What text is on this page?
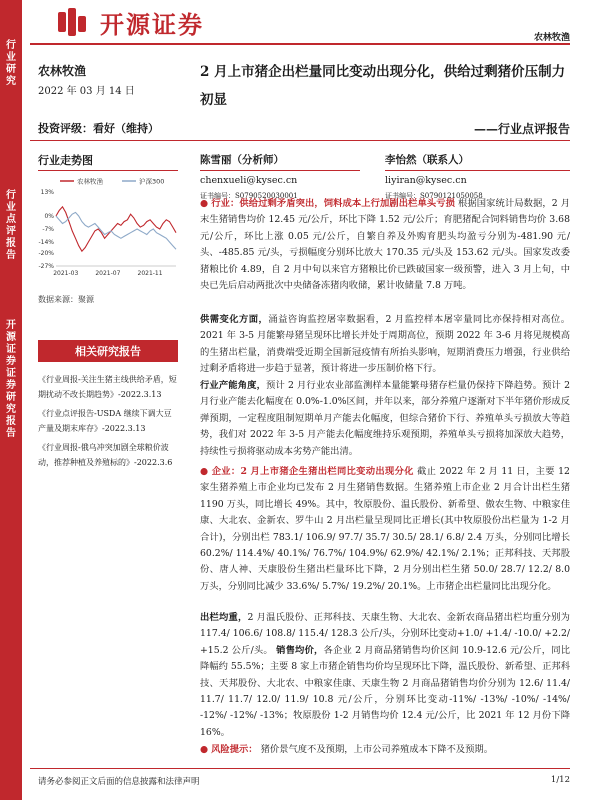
行业研究
行业点评报告
开源证券证券研究报告
开源证券	农林牧渔
农林牧渔
2022 年 03 月 14 日
2 月上市猪企出栏量同比变动出现分化，供给过剩猪价压制力初显
投资评级：看好（维持）	——行业点评报告
行业走势图
农林牧渔	沪深300
13%
0%
-7%
-14%
-20%
-27%
2021-03	2021-07	2021-11
数据来源：聚源
相关研究报告
《行业周报-关注生猪主线供给矛盾，短期扰动不改长期趋势》-2022.3.13
《行业点评报告-USDA 继续下调大豆产量及期末库存》-2022.3.13
《行业周报-俄乌冲突加剧全球粮价波动，推荐种植及养殖标的》-2022.3.6
陈雪丽（分析师）
chenxueli@kysec.cn
证书编号：S0790520030001
李怡然（联系人）
liyiran@kysec.cn
证书编号：S0790121050058
● 行业：供给过剩矛盾突出，饲料成本上行加剧出栏单头亏损 根据国家统计局数据，2 月末生猪销售均价 12.45 元/公斤，环比下降 1.52 元/公斤；育肥猪配合饲料销售均价 3.68 元/公斤，环比上涨 0.05 元/公斤，自繁自养及外购育肥头均盈亏分别为-481.90 元/头、-485.85 元/头，亏损幅度分别环比放大 170.35 元/头及 153.62 元/头。国家发改委猪粮比价 4.89，自 2 月中旬以来官方猪粮比价已跌破国家一级预警，进入 3 月上旬，中央已先后启动两批次中央储备冻猪肉收储，累计收储量 7.8 万吨。
供需变化方面，涌益咨询监控屠宰数据看，2 月监控样本屠宰量同比亦保持相对高位。2021 年 3-5 月能繁母猪呈现环比增长并处于周期高位，预期 2022 年 3-6 月将见规模高的生猪出栏量，消费端受近期全国新冠疫情有所抬头影响，短期消费压力增强，行业供给过剩矛盾将进一步趋于显著，预计将进一步压制价格下行。
行业产能角度，预计 2 月行业农业部监测样本量能繁母猪存栏量仍保持下降趋势。预计 2 月行业产能去化幅度在 0.0%-1.0%区间，并年以来，部分养殖户逐渐对下半年猪价形成反弹预期，一定程度阻制短期单月产能去化幅度，但综合猪价下行、养殖单头亏损放大等趋势，我们对 2022 年 3-5 月产能去化幅度维持乐观预期，养殖单头亏损将加深放大趋势，持续性亏损将驱动成本劣势产能出清。
● 企业：2 月上市猪企生猪出栏同比变动出现分化 截止 2022 年 2 月 11 日，主要 12 家生猪养殖上市企业均已发布 2 月生猪销售数据。生猪养殖上市企业 2 月合计出栏生猪 1190 万头，同比增长 49%。其中，牧原股份、温氏股份、新希望、傲农生物、中粮家佳康、大北农、金新农、罗牛山 2 月出栏量呈现同比正增长(其中牧原股份出栏量为 1-2 月合计)，分别出栏 783.1/ 106.9/ 97.7/ 35.7/ 30.5/ 28.1/ 6.8/ 2.4 万头，分别同比增长 60.2%/ 114.4%/ 40.1%/ 76.7%/ 104.9%/ 62.9%/ 42.1%/ 2.1%；正邦科技、天邦股份、唐人神、天康股份生猪出栏量环比下降，2 月分别出栏生猪 50.0/ 28.7/ 12.2/ 8.0 万头，分别同比减少 33.6%/ 5.7%/ 19.2%/ 20.1%。上市猪企出栏量同比出现分化。
出栏均重，2 月温氏股份、正邦科技、天康生物、大北农、金新农商品猪出栏均重分别为 117.4/ 106.6/ 108.8/ 115.4/ 128.3 公斤/头，分别环比变动+1.0/ +1.4/ -10.0/ +2.2/ +15.2 公斤/头。 销售均价，各企业 2 月商品猪销售均价区间 10.9-12.6 元/公斤，同比降幅约 55.5%；主要 8 家上市猪企销售均价均呈现环比下降，温氏股份、新希望、正邦科技、天邦股份、大北农、中粮家佳康、天康生物 2 月商品猪销售均价分别为 12.6/ 11.4/ 11.7/ 11.7/ 12.0/ 11.9/ 10.8 元/公斤，分别环比变动-11%/ -13%/ -10%/ -14%/ -12%/ -12%/ -13%；牧原股份 1-2 月销售均价 12.4 元/公斤，比 2021 年 12 月份下降 16%。
● 风险提示： 猪价景气度不及预期，上市公司养殖成本下降不及预期。
请务必参阅正文后面的信息披露和法律声明	1/12
